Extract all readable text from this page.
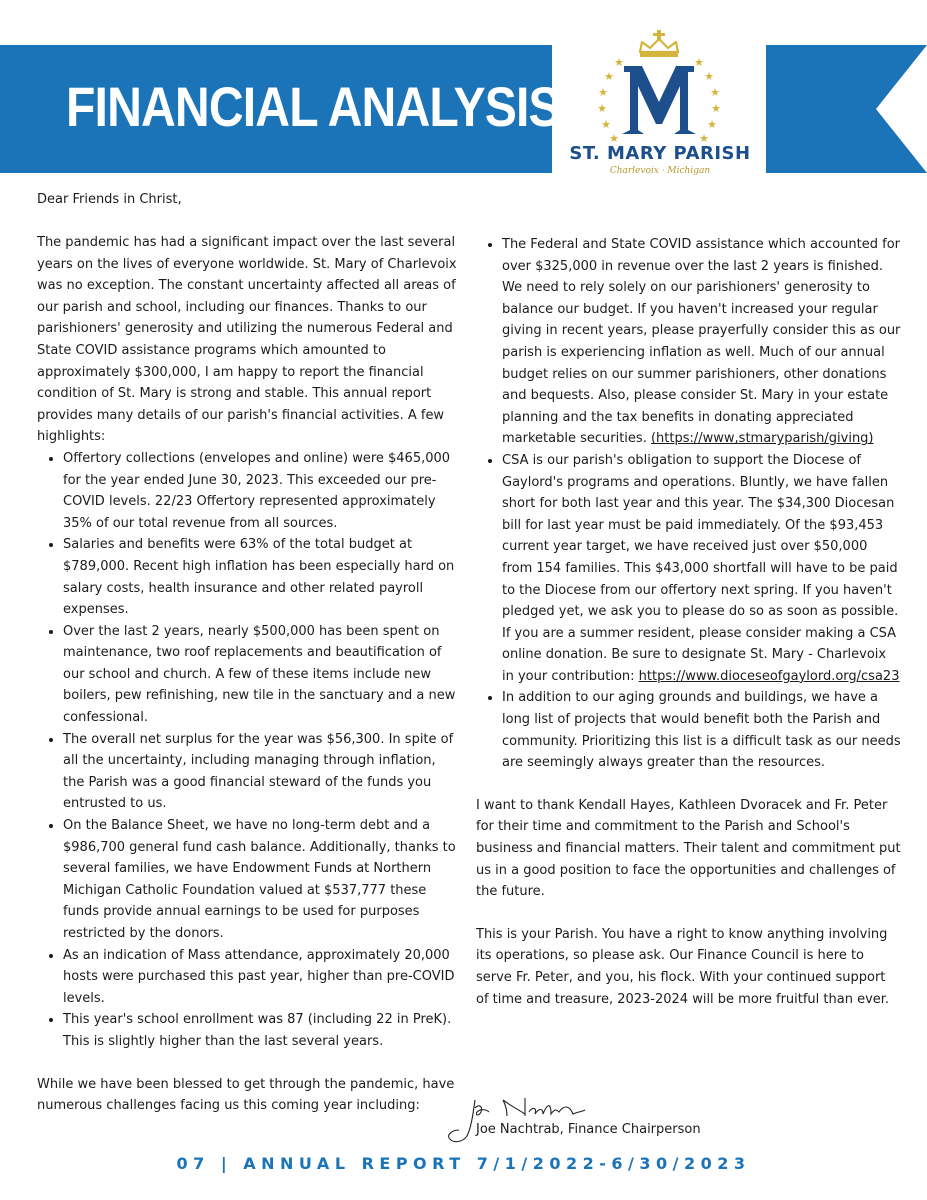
FINANCIAL ANALYSIS
★	★
★	★
★	★
★	★
★	★
★	★
ST. MARY PARISH
Charlevoix · Michigan
Dear Friends in Christ,

The pandemic has had a significant impact over the last several years on the lives of everyone worldwide. St. Mary of Charlevoix was no exception. The constant uncertainty affected all areas of our parish and school, including our finances. Thanks to our parishioners' generosity and utilizing the numerous Federal and State COVID assistance programs which amounted to approximately $300,000, I am happy to report the financial condition of St. Mary is strong and stable. This annual report provides many details of our parish's financial activities. A few highlights:

• Offertory collections (envelopes and online) were $465,000 for the year ended June 30, 2023. This exceeded our pre-COVID levels. 22/23 Offertory represented approximately 35% of our total revenue from all sources.
• Salaries and benefits were 63% of the total budget at $789,000. Recent high inflation has been especially hard on salary costs, health insurance and other related payroll expenses.
• Over the last 2 years, nearly $500,000 has been spent on maintenance, two roof replacements and beautification of our school and church. A few of these items include new boilers, pew refinishing, new tile in the sanctuary and a new confessional.
• The overall net surplus for the year was $56,300. In spite of all the uncertainty, including managing through inflation, the Parish was a good financial steward of the funds you entrusted to us.
• On the Balance Sheet, we have no long-term debt and a $986,700 general fund cash balance. Additionally, thanks to several families, we have Endowment Funds at Northern Michigan Catholic Foundation valued at $537,777 these funds provide annual earnings to be used for purposes restricted by the donors.
• As an indication of Mass attendance, approximately 20,000 hosts were purchased this past year, higher than pre-COVID levels.
• This year's school enrollment was 87 (including 22 in PreK). This is slightly higher than the last several years.

While we have been blessed to get through the pandemic, have numerous challenges facing us this coming year including:

• The Federal and State COVID assistance which accounted for over $325,000 in revenue over the last 2 years is finished. We need to rely solely on our parishioners' generosity to balance our budget. If you haven't increased your regular giving in recent years, please prayerfully consider this as our parish is experiencing inflation as well. Much of our annual budget relies on our summer parishioners, other donations and bequests. Also, please consider St. Mary in your estate planning and the tax benefits in donating appreciated marketable securities. (https://www,stmaryparish/giving)
• CSA is our parish's obligation to support the Diocese of Gaylord's programs and operations. Bluntly, we have fallen short for both last year and this year. The $34,300 Diocesan bill for last year must be paid immediately. Of the $93,453 current year target, we have received just over $50,000 from 154 families. This $43,000 shortfall will have to be paid to the Diocese from our offertory next spring. If you haven't pledged yet, we ask you to please do so as soon as possible. If you are a summer resident, please consider making a CSA online donation. Be sure to designate St. Mary - Charlevoix in your contribution: https://www.dioceseofgaylord.org/csa23
• In addition to our aging grounds and buildings, we have a long list of projects that would benefit both the Parish and community. Prioritizing this list is a difficult task as our needs are seemingly always greater than the resources.

I want to thank Kendall Hayes, Kathleen Dvoracek and Fr. Peter for their time and commitment to the Parish and School's business and financial matters. Their talent and commitment put us in a good position to face the opportunities and challenges of the future.

This is your Parish. You have a right to know anything involving its operations, so please ask. Our Finance Council is here to serve Fr. Peter, and you, his flock. With your continued support of time and treasure, 2023-2024 will be more fruitful than ever.

Joe Nachtrab, Finance Chairperson
07 | ANNUAL REPORT 7/1/2022-6/30/2023
